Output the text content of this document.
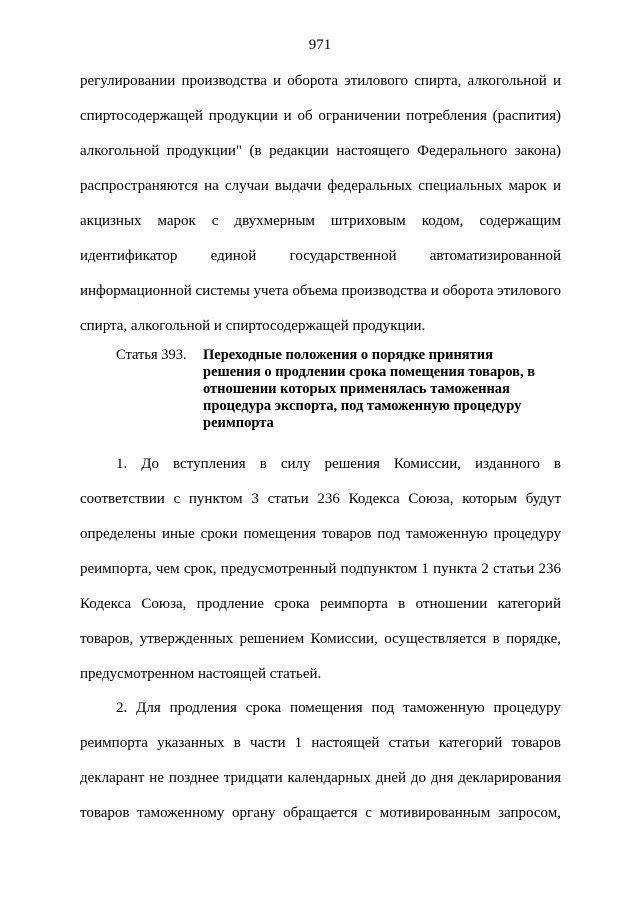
971
регулировании производства и оборота этилового спирта, алкогольной и
спиртосодержащей продукции и об ограничении потребления (распития)
алкогольной продукции" (в редакции настоящего Федерального закона)
распространяются на случаи выдачи федеральных специальных марок и
акцизных марок с двухмерным штриховым кодом, содержащим
идентификатор единой государственной автоматизированной
информационной системы учета объема производства и оборота этилового
спирта, алкогольной и спиртосодержащей продукции.
Статья 393. Переходные положения о порядке принятия
решения о продлении срока помещения товаров, в
отношении которых применялась таможенная
процедура экспорта, под таможенную процедуру
реимпорта
1. До вступления в силу решения Комиссии, изданного в
соответствии с пунктом 3 статьи 236 Кодекса Союза, которым будут
определены иные сроки помещения товаров под таможенную процедуру
реимпорта, чем срок, предусмотренный подпунктом 1 пункта 2 статьи 236
Кодекса Союза, продление срока реимпорта в отношении категорий
товаров, утвержденных решением Комиссии, осуществляется в порядке,
предусмотренном настоящей статьей.
2. Для продления срока помещения под таможенную процедуру
реимпорта указанных в части 1 настоящей статьи категорий товаров
декларант не позднее тридцати календарных дней до дня декларирования
товаров таможенному органу обращается с мотивированным запросом,
